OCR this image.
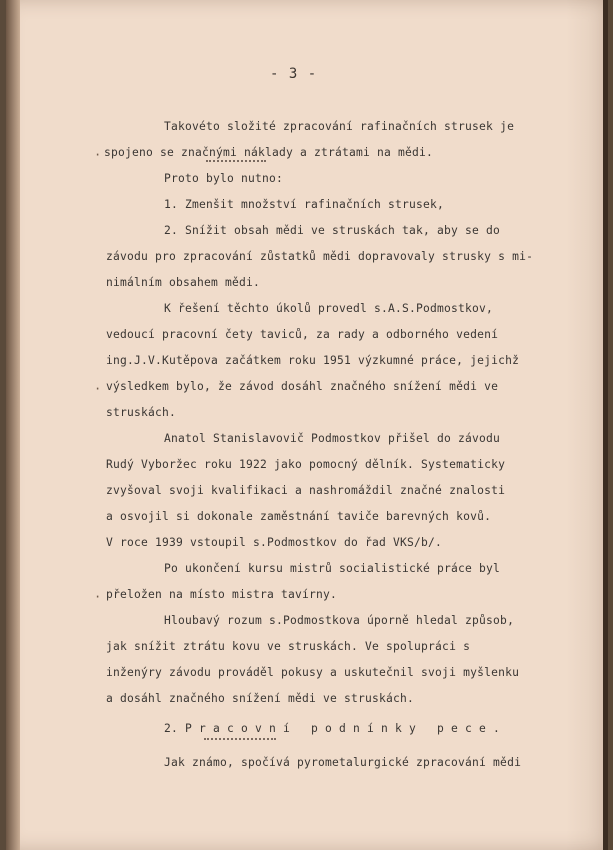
- 3 -
Takovéto složité zpracování rafinačních strusek je
spojeno se značnými náklady a ztrátami na mědi.
Proto bylo nutno:
1. Zmenšit množství rafinačních strusek,
2. Snížit obsah mědi ve struskách tak, aby se do
závodu pro zpracování zůstatků mědi dopravovaly strusky s mi-
nimálním obsahem mědi.
K řešení těchto úkolů provedl s.A.S.Podmostkov,
vedoucí pracovní čety taviců, za rady a odborného vedení
ing.J.V.Kutěpova začátkem roku 1951 výzkumné práce, jejichž
výsledkem bylo, že závod dosáhl značného snížení mědi ve
struskách.
Anatol Stanislavovič Podmostkov přišel do závodu
Rudý Vyboržec roku 1922 jako pomocný dělník. Systematicky
zvyšoval svoji kvalifikaci a nashromáždil značné znalosti
a osvojil si dokonale zaměstnání taviče barevných kovů.
V roce 1939 vstoupil s.Podmostkov do řad VKS/b/.
Po ukončení kursu mistrů socialistické práce byl
přeložen na místo mistra tavírny.
Hloubavý rozum s.Podmostkova úporně hledal způsob,
jak snížit ztrátu kovu ve struskách. Ve spolupráci s
inženýry závodu prováděl pokusy a uskutečnil svoji myšlenku
a dosáhl značného snížení mědi ve struskách.
2. P r a c o v n í   p o d n í n k y   p e c e .
Jak známo, spočívá pyrometalurgické zpracování mědi
·
·
·
